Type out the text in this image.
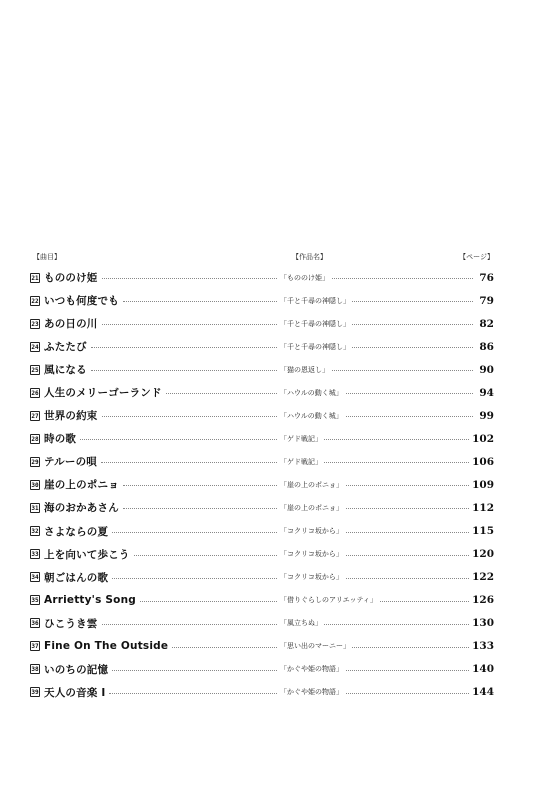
【曲目】	【作品名】	【ページ】
21 もののけ姫	「もののけ姫」	76
22 いつも何度でも	「千と千尋の神隠し」	79
23 あの日の川	「千と千尋の神隠し」	82
24 ふたたび	「千と千尋の神隠し」	86
25 風になる	「猫の恩返し」	90
26 人生のメリーゴーランド	「ハウルの動く城」	94
27 世界の約束	「ハウルの動く城」	99
28 時の歌	「ゲド戦記」	102
29 テルーの唄	「ゲド戦記」	106
30 崖の上のポニョ	「崖の上のポニョ」	109
31 海のおかあさん	「崖の上のポニョ」	112
32 さよならの夏	「コクリコ坂から」	115
33 上を向いて歩こう	「コクリコ坂から」	120
34 朝ごはんの歌	「コクリコ坂から」	122
35 Arrietty's Song	「借りぐらしのアリエッティ」	126
36 ひこうき雲	「風立ちぬ」	130
37 Fine On The Outside	「思い出のマーニー」	133
38 いのちの記憶	「かぐや姫の物語」	140
39 天人の音楽 I	「かぐや姫の物語」	144
